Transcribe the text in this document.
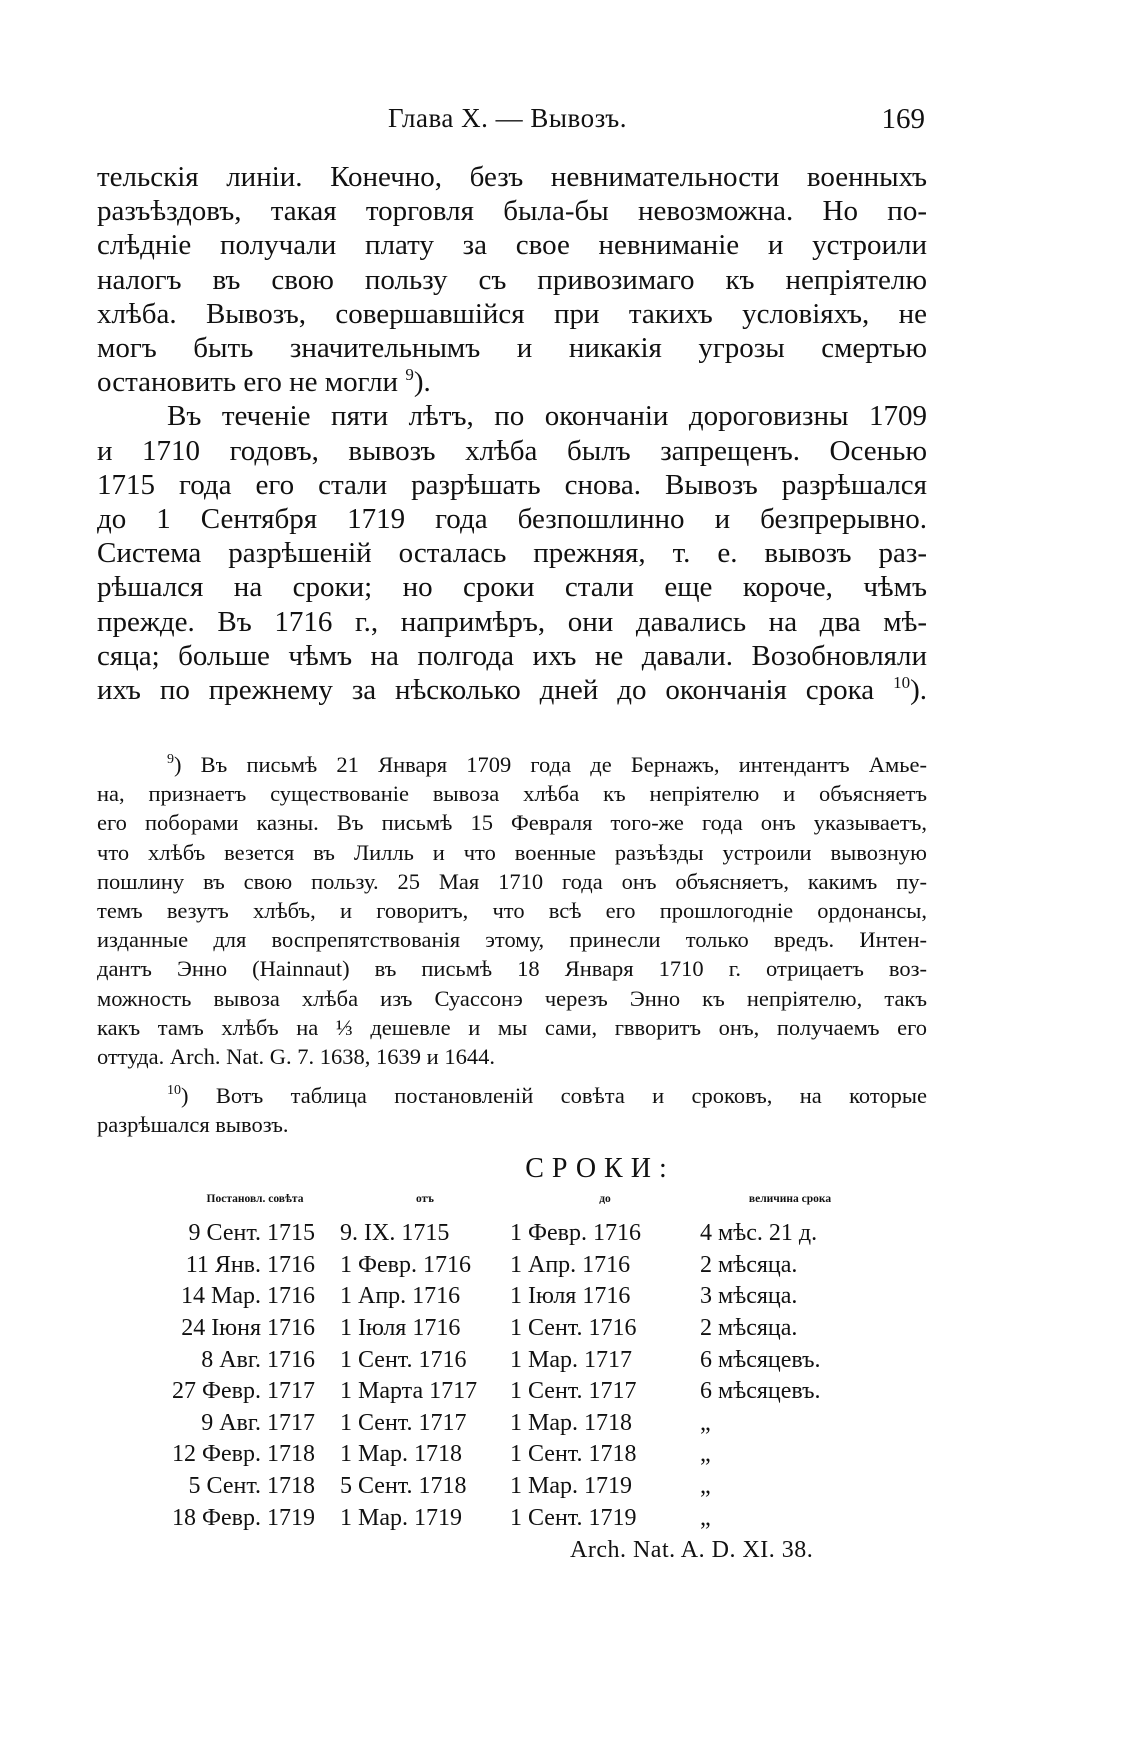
Глава X. — Вывозъ.	169
тельскія линіи. Конечно, безъ невнимательности военныхъ
разъѣздовъ, такая торговля была-бы невозможна. Но по-
слѣдніе получали плату за свое невниманіе и устроили
налогъ въ свою пользу съ привозимаго къ непріятелю
хлѣба. Вывозъ, совершавшійся при такихъ условіяхъ, не
могъ быть значительнымъ и никакія угрозы смертью
остановить его не могли $^9$).
Въ теченіе пяти лѣтъ, по окончаніи дороговизны 1709
и 1710 годовъ, вывозъ хлѣба былъ запрещенъ. Осенью
1715 года его стали разрѣшать снова. Вывозъ разрѣшался
до 1 Сентября 1719 года безпошлинно и безпрерывно.
Система разрѣшеній осталась прежняя, т. е. вывозъ раз-
рѣшался на сроки; но сроки стали еще короче, чѣмъ
прежде. Въ 1716 г., напримѣръ, они давались на два мѣ-
сяца; больше чѣмъ на полгода ихъ не давали. Возобновляли
ихъ по прежнему за нѣсколько дней до окончанія срока $^{10}$).
$^9$) Въ письмѣ 21 Января 1709 года де Бернажъ, интендантъ Амье-
на, признаетъ существованіе вывоза хлѣба къ непріятелю и объясняетъ
его поборами казны. Въ письмѣ 15 Февраля того-же года онъ указываетъ,
что хлѣбъ везется въ Лилль и что военные разъѣзды устроили вывозную
пошлину въ свою пользу. 25 Мая 1710 года онъ объясняетъ, какимъ пу-
темъ везутъ хлѣбъ, и говоритъ, что всѣ его прошлогодніе ордонансы,
изданные для воспрепятствованія этому, принесли только вредъ. Интен-
дантъ Энно (Hainnaut) въ письмѣ 18 Января 1710 г. отрицаетъ воз-
можность вывоза хлѣба изъ Суассонэ черезъ Энно къ непріятелю, такъ
какъ тамъ хлѣбъ на ⅓ дешевле и мы сами, гвворитъ онъ, получаемъ его
оттуда. Arch. Nat. G. 7. 1638, 1639 и 1644.
$^{10}$) Вотъ таблица постановленій совѣта и сроковъ, на которые
разрѣшался вывозъ.
СРОКИ:
Постановл. совѣта	отъ	до	величина срока
9 Сент. 1715	9. IX. 1715	1 Февр. 1716	4 мѣс. 21 д.
11 Янв. 1716	1 Февр. 1716	1 Апр. 1716	2 мѣсяца.
14 Мар. 1716	1 Апр. 1716	1 Іюля 1716	3 мѣсяца.
24 Іюня 1716	1 Іюля 1716	1 Сент. 1716	2 мѣсяца.
8 Авг. 1716	1 Сент. 1716	1 Мар. 1717	6 мѣсяцевъ.
27 Февр. 1717	1 Марта 1717	1 Сент. 1717	6 мѣсяцевъ.
9 Авг. 1717	1 Сент. 1717	1 Мар. 1718	„
12 Февр. 1718	1 Мар. 1718	1 Сент. 1718	„
5 Сент. 1718	5 Сент. 1718	1 Мар. 1719	„
18 Февр. 1719	1 Мар. 1719	1 Сент. 1719	„
Arch. Nat. A. D. XI. 38.
